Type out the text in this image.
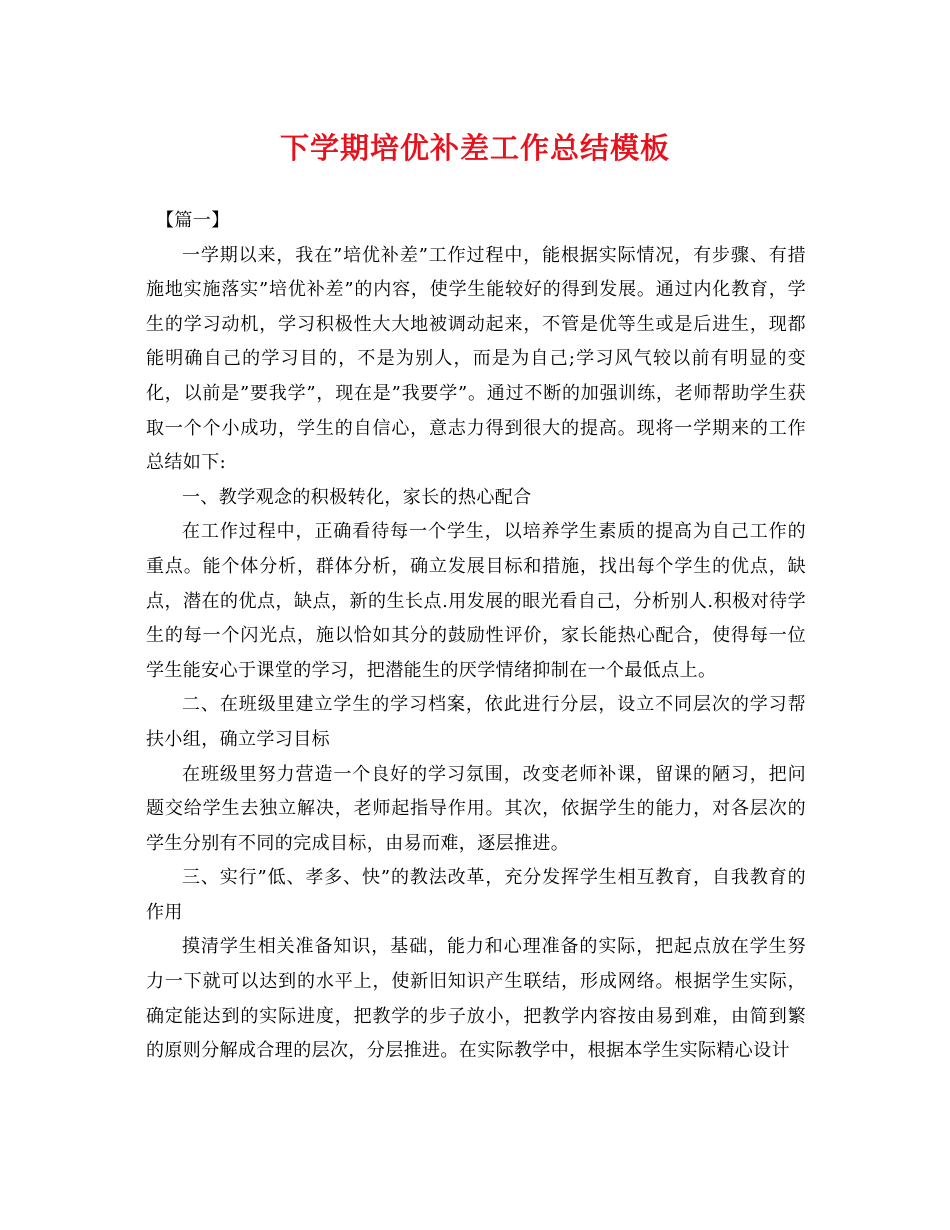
下学期培优补差工作总结模板

【篇一】

一学期以来，我在”培优补差”工作过程中，能根据实际情况，有步骤、有措施地实施落实”培优补差”的内容，使学生能较好的得到发展。通过内化教育，学生的学习动机，学习积极性大大地被调动起来，不管是优等生或是后进生，现都能明确自己的学习目的，不是为别人，而是为自己;学习风气较以前有明显的变化，以前是”要我学”，现在是”我要学”。通过不断的加强训练，老师帮助学生获取一个个小成功，学生的自信心，意志力得到很大的提高。现将一学期来的工作总结如下:

一、教学观念的积极转化，家长的热心配合

在工作过程中，正确看待每一个学生，以培养学生素质的提高为自己工作的重点。能个体分析，群体分析，确立发展目标和措施，找出每个学生的优点，缺点，潜在的优点，缺点，新的生长点.用发展的眼光看自己，分析别人.积极对待学生的每一个闪光点，施以恰如其分的鼓励性评价，家长能热心配合，使得每一位学生能安心于课堂的学习，把潜能生的厌学情绪抑制在一个最低点上。

二、在班级里建立学生的学习档案，依此进行分层，设立不同层次的学习帮扶小组，确立学习目标

在班级里努力营造一个良好的学习氛围，改变老师补课，留课的陋习，把问题交给学生去独立解决，老师起指导作用。其次，依据学生的能力，对各层次的学生分别有不同的完成目标，由易而难，逐层推进。

三、实行”低、孝多、快”的教法改革，充分发挥学生相互教育，自我教育的作用

摸清学生相关准备知识，基础，能力和心理准备的实际，把起点放在学生努力一下就可以达到的水平上，使新旧知识产生联结，形成网络。根据学生实际，确定能达到的实际进度，把教学的步子放小，把教学内容按由易到难，由简到繁的原则分解成合理的层次，分层推进。在实际教学中，根据本学生实际精心设计
